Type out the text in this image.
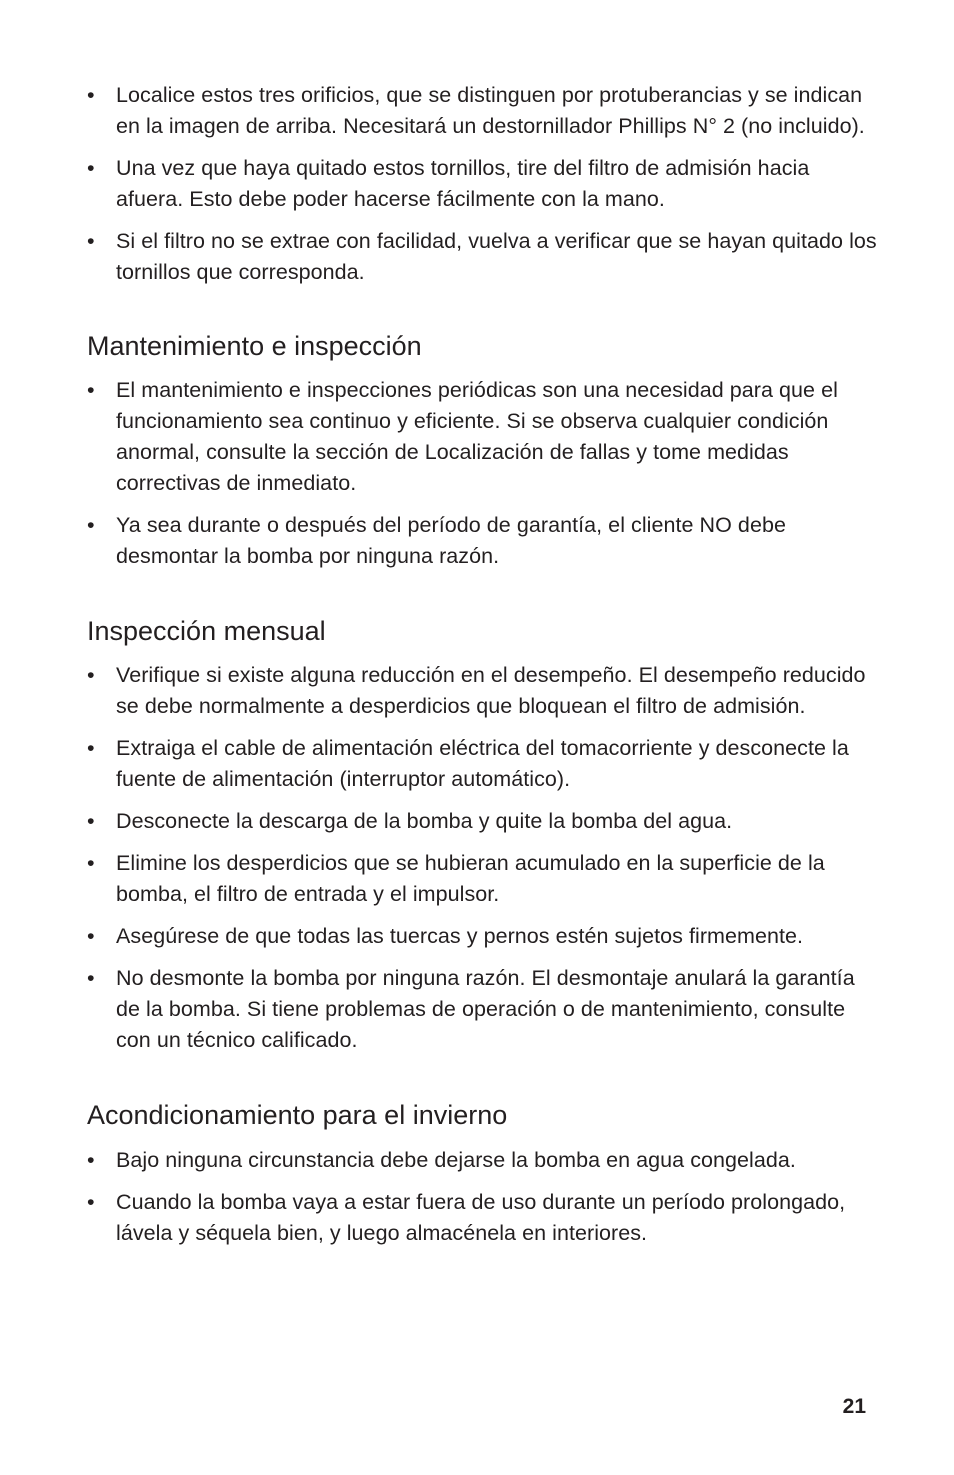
• Localice estos tres orificios, que se distinguen por protuberancias y se indican en la imagen de arriba. Necesitará un destornillador Phillips N° 2 (no incluido).
• Una vez que haya quitado estos tornillos, tire del filtro de admisión hacia afuera. Esto debe poder hacerse fácilmente con la mano.
• Si el filtro no se extrae con facilidad, vuelva a verificar que se hayan quitado los tornillos que corresponda.
Mantenimiento e inspección
• El mantenimiento e inspecciones periódicas son una necesidad para que el funcionamiento sea continuo y eficiente. Si se observa cualquier condición anormal, consulte la sección de Localización de fallas y tome medidas correctivas de inmediato.
• Ya sea durante o después del período de garantía, el cliente NO debe desmontar la bomba por ninguna razón.
Inspección mensual
• Verifique si existe alguna reducción en el desempeño. El desempeño reducido se debe normalmente a desperdicios que bloquean el filtro de admisión.
• Extraiga el cable de alimentación eléctrica del tomacorriente y desconecte la fuente de alimentación (interruptor automático).
• Desconecte la descarga de la bomba y quite la bomba del agua.
• Elimine los desperdicios que se hubieran acumulado en la superficie de la bomba, el filtro de entrada y el impulsor.
• Asegúrese de que todas las tuercas y pernos estén sujetos firmemente.
• No desmonte la bomba por ninguna razón. El desmontaje anulará la garantía de la bomba. Si tiene problemas de operación o de mantenimiento, consulte con un técnico calificado.
Acondicionamiento para el invierno
• Bajo ninguna circunstancia debe dejarse la bomba en agua congelada.
• Cuando la bomba vaya a estar fuera de uso durante un período prolongado, lávela y séquela bien, y luego almacénela en interiores.
21
